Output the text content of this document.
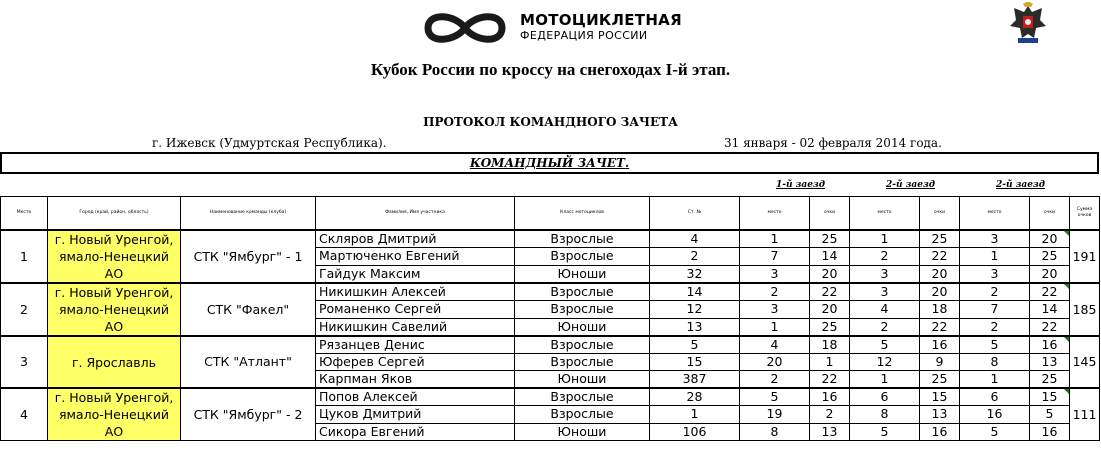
МОТОЦИКЛЕТНАЯ
ФЕДЕРАЦИЯ РОССИИ
Кубок России по кроссу на снегоходах I-й этап.
ПРОТОКОЛ КОМАНДНОГО ЗАЧЕТА
г. Ижевск (Удмуртская Республика).	31 января - 02 февраля 2014 года.
КОМАНДНЫЙ ЗАЧЕТ.
1-й заезд	2-й заезд	2-й заезд
Место	Город (край, район, область)	Наименование команды (клуба)	Фамилия, Имя участника	Класс мотоциклов	Ст. №	место	очки	место	очки	место	очки	Сумма очков
1	г. Новый Уренгой, ямало-Ненецкий АО	СТК "Ямбург" - 1	Скляров Дмитрий	Взрослые	4	1	25	1	25	3	20	191
			Мартюченко Евгений	Взрослые	2	7	14	2	22	1	25	
			Гайдук Максим	Юноши	32	3	20	3	20	3	20	
2	г. Новый Уренгой, ямало-Ненецкий АО	СТК "Факел"	Никишкин Алексей	Взрослые	14	2	22	3	20	2	22	185
			Романенко Сергей	Взрослые	12	3	20	4	18	7	14	
			Никишкин Савелий	Юноши	13	1	25	2	22	2	22	
3	г. Ярославль	СТК "Атлант"	Рязанцев Денис	Взрослые	5	4	18	5	16	5	16	145
			Юферев Сергей	Взрослые	15	20	1	12	9	8	13	
			Карпман Яков	Юноши	387	2	22	1	25	1	25	
4	г. Новый Уренгой, ямало-Ненецкий АО	СТК "Ямбург" - 2	Попов Алексей	Взрослые	28	5	16	6	15	6	15	111
			Цуков Дмитрий	Взрослые	1	19	2	8	13	16	5	
			Сикора Евгений	Юноши	106	8	13	5	16	5	16	
